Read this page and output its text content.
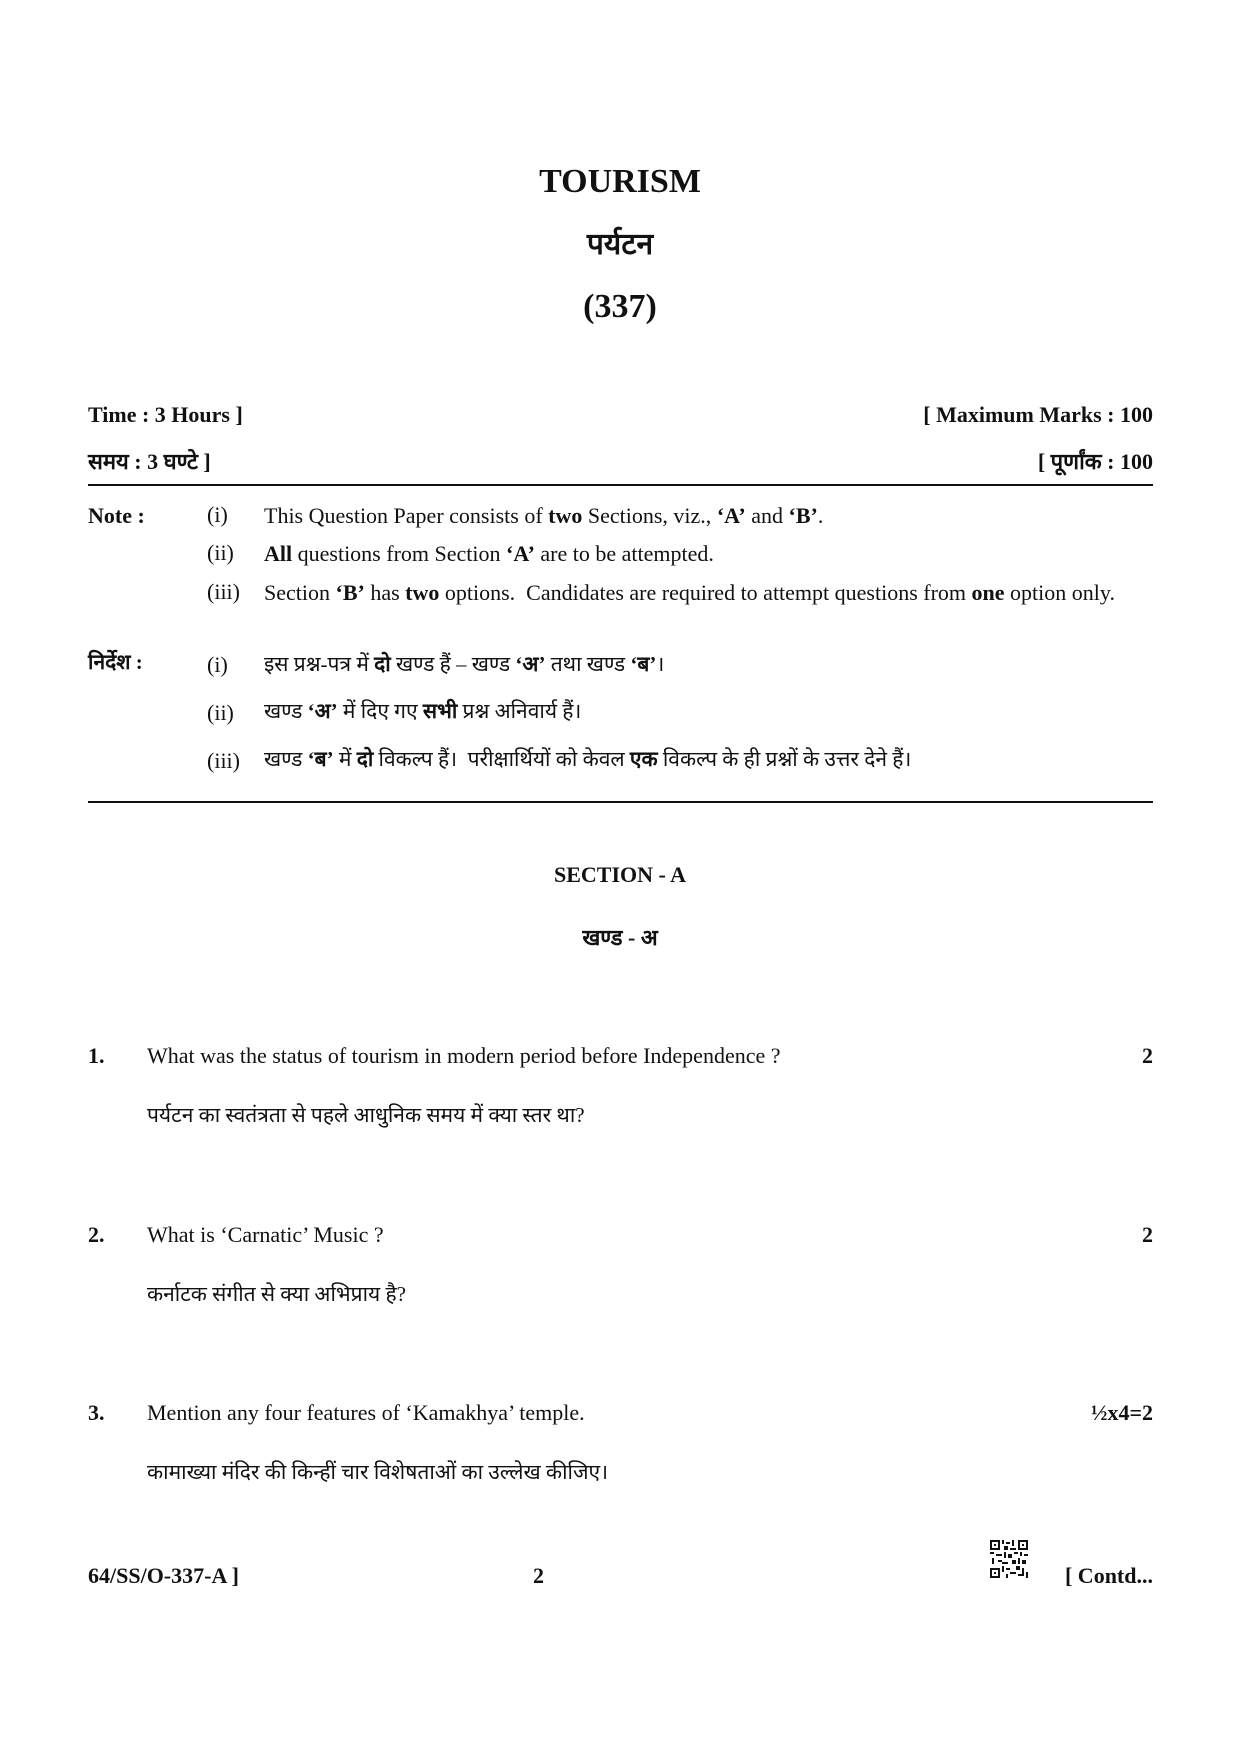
TOURISM
पर्यटन
(337)
Time : 3 Hours ]	[ Maximum Marks : 100
समय : 3 घण्टे ]	[ पूर्णांक : 100
Note :	(i) This Question Paper consists of two Sections, viz., ‘A’ and ‘B’.
(ii) All questions from Section ‘A’ are to be attempted.
(iii) Section ‘B’ has two options.  Candidates are required to attempt questions from one option only.
निर्देश :	(i) इस प्रश्न-पत्र में दो खण्ड हैं – खण्ड ‘अ’ तथा खण्ड ‘ब’।
(ii) खण्ड ‘अ’ में दिए गए सभी प्रश्न अनिवार्य हैं।
(iii) खण्ड ‘ब’ में दो विकल्प हैं।  परीक्षार्थियों को केवल एक विकल्प के ही प्रश्नों के उत्तर देने हैं।
SECTION - A
खण्ड - अ
1. What was the status of tourism in modern period before Independence ?	2
पर्यटन का स्वतंत्रता से पहले आधुनिक समय में क्या स्तर था?
2. What is ‘Carnatic’ Music ?	2
कर्नाटक संगीत से क्या अभिप्राय है?
3. Mention any four features of ‘Kamakhya’ temple.	½x4=2
कामाख्या मंदिर की किन्हीं चार विशेषताओं का उल्लेख कीजिए।
64/SS/O-337-A ]	2	[ Contd...
